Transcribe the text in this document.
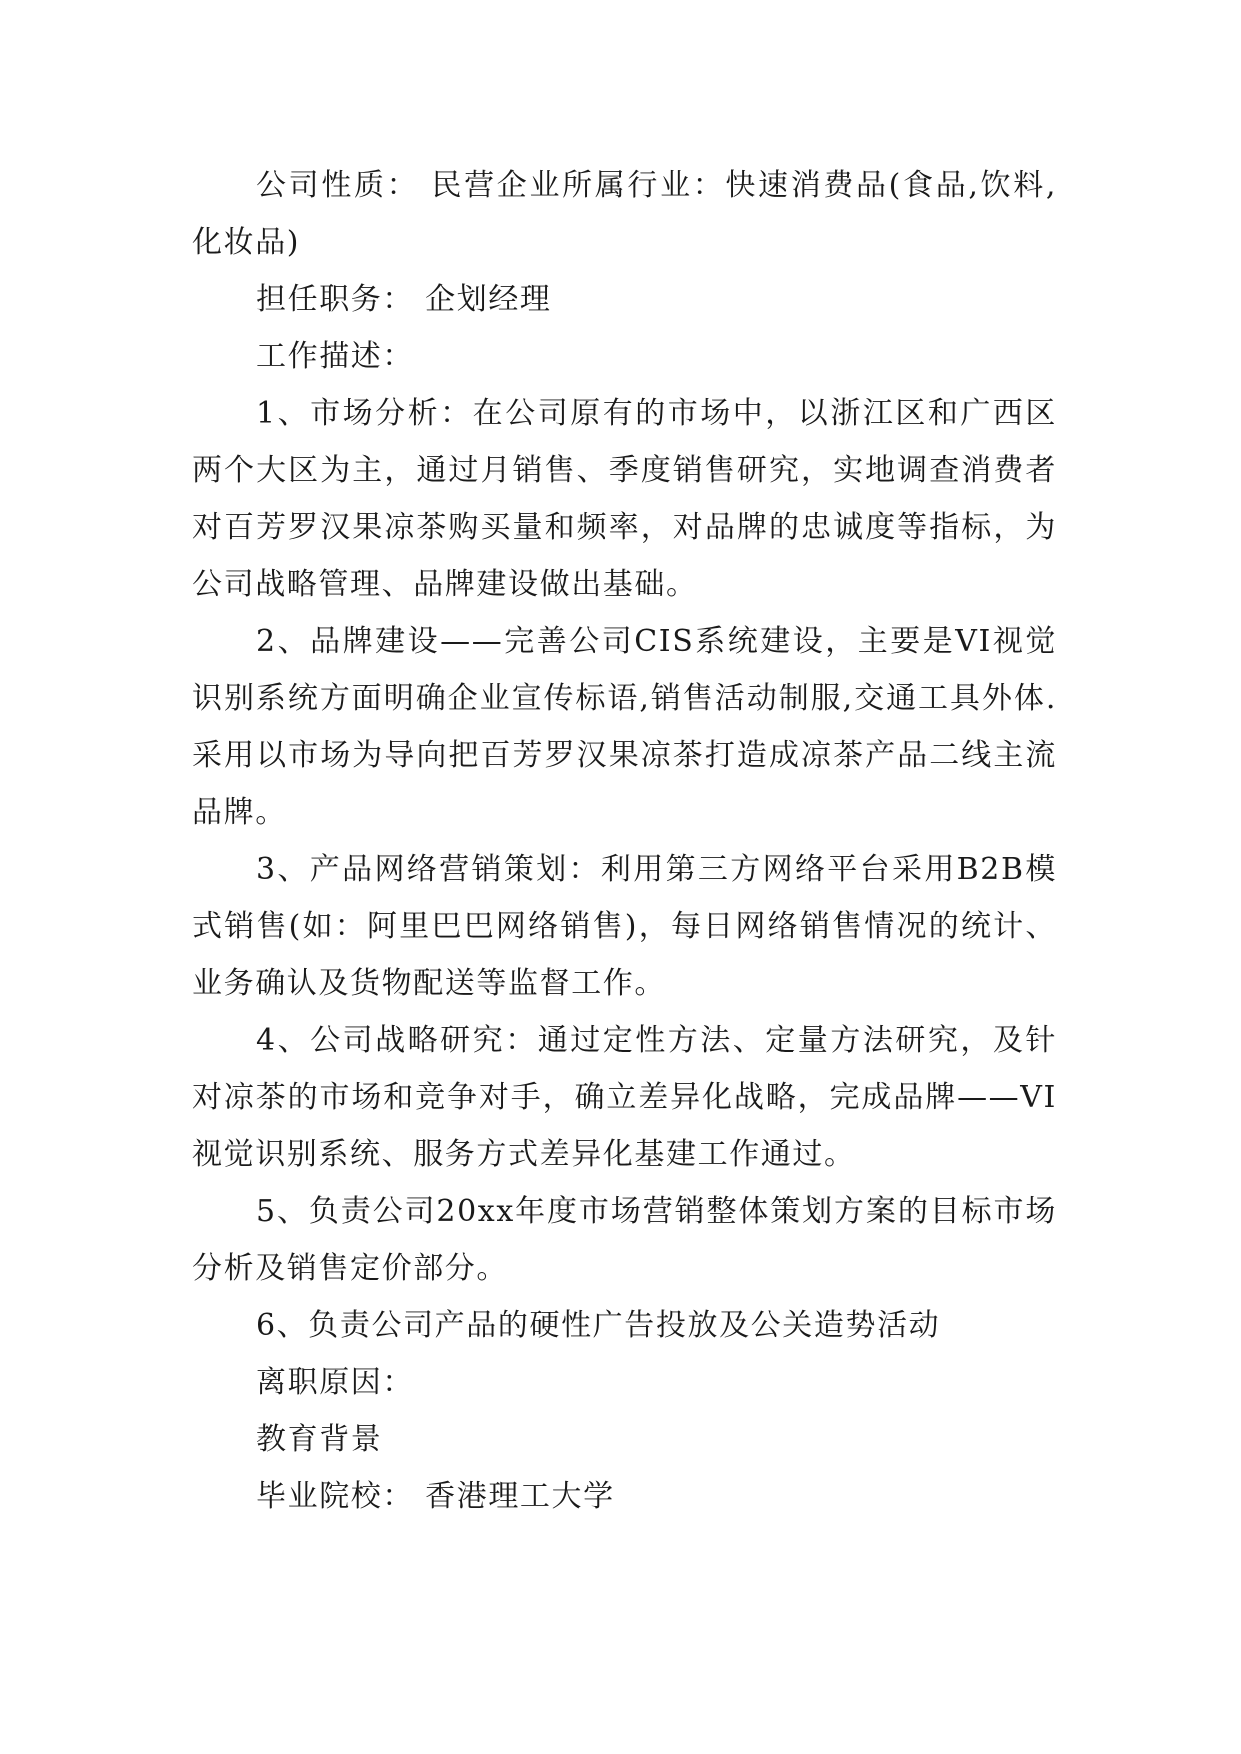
公司性质： 民营企业所属行业：快速消费品(食品,饮料,化妆品)

担任职务： 企划经理

工作描述：

1、市场分析：在公司原有的市场中，以浙江区和广西区两个大区为主，通过月销售、季度销售研究，实地调查消费者对百芳罗汉果凉茶购买量和频率，对品牌的忠诚度等指标，为公司战略管理、品牌建设做出基础。

2、品牌建设——完善公司CIS系统建设，主要是VI视觉识别系统方面明确企业宣传标语,销售活动制服,交通工具外体.采用以市场为导向把百芳罗汉果凉茶打造成凉茶产品二线主流品牌。

3、产品网络营销策划：利用第三方网络平台采用B2B模式销售(如：阿里巴巴网络销售)，每日网络销售情况的统计、业务确认及货物配送等监督工作。

4、公司战略研究：通过定性方法、定量方法研究，及针对凉茶的市场和竞争对手，确立差异化战略，完成品牌——VI视觉识别系统、服务方式差异化基建工作通过。

5、负责公司20xx年度市场营销整体策划方案的目标市场分析及销售定价部分。

6、负责公司产品的硬性广告投放及公关造势活动

离职原因：

教育背景

毕业院校： 香港理工大学
